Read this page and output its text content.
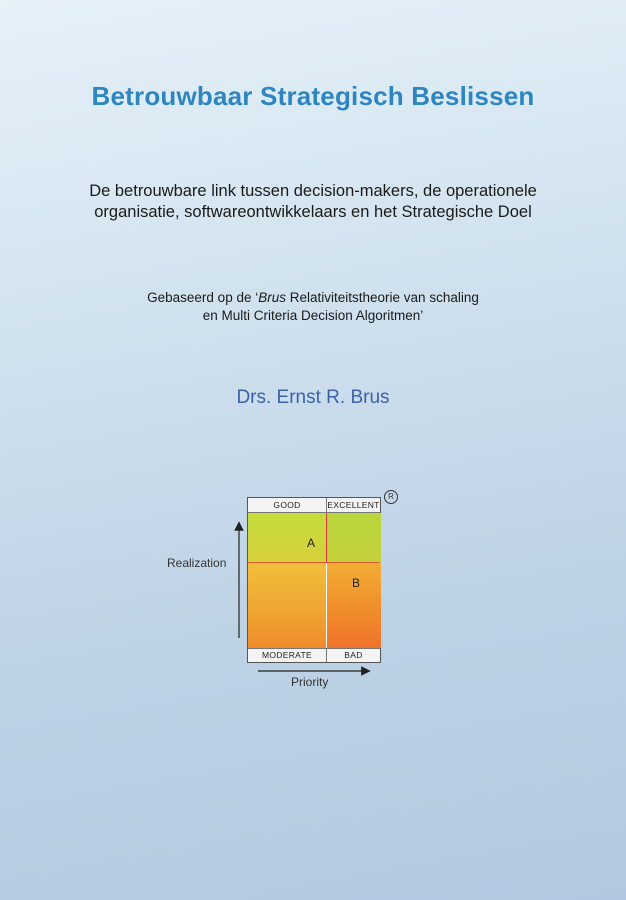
Betrouwbaar Strategisch Beslissen
De betrouwbare link tussen decision-makers, de operationele
organisatie, softwareontwikkelaars en het Strategische Doel
Gebaseerd op de ‘Brus Relativiteitstheorie van schaling
en Multi Criteria Decision Algoritmen’
Drs. Ernst R. Brus
GOOD	EXCELLENT
MODERATE	BAD
A
B
R
Realization
Priority
